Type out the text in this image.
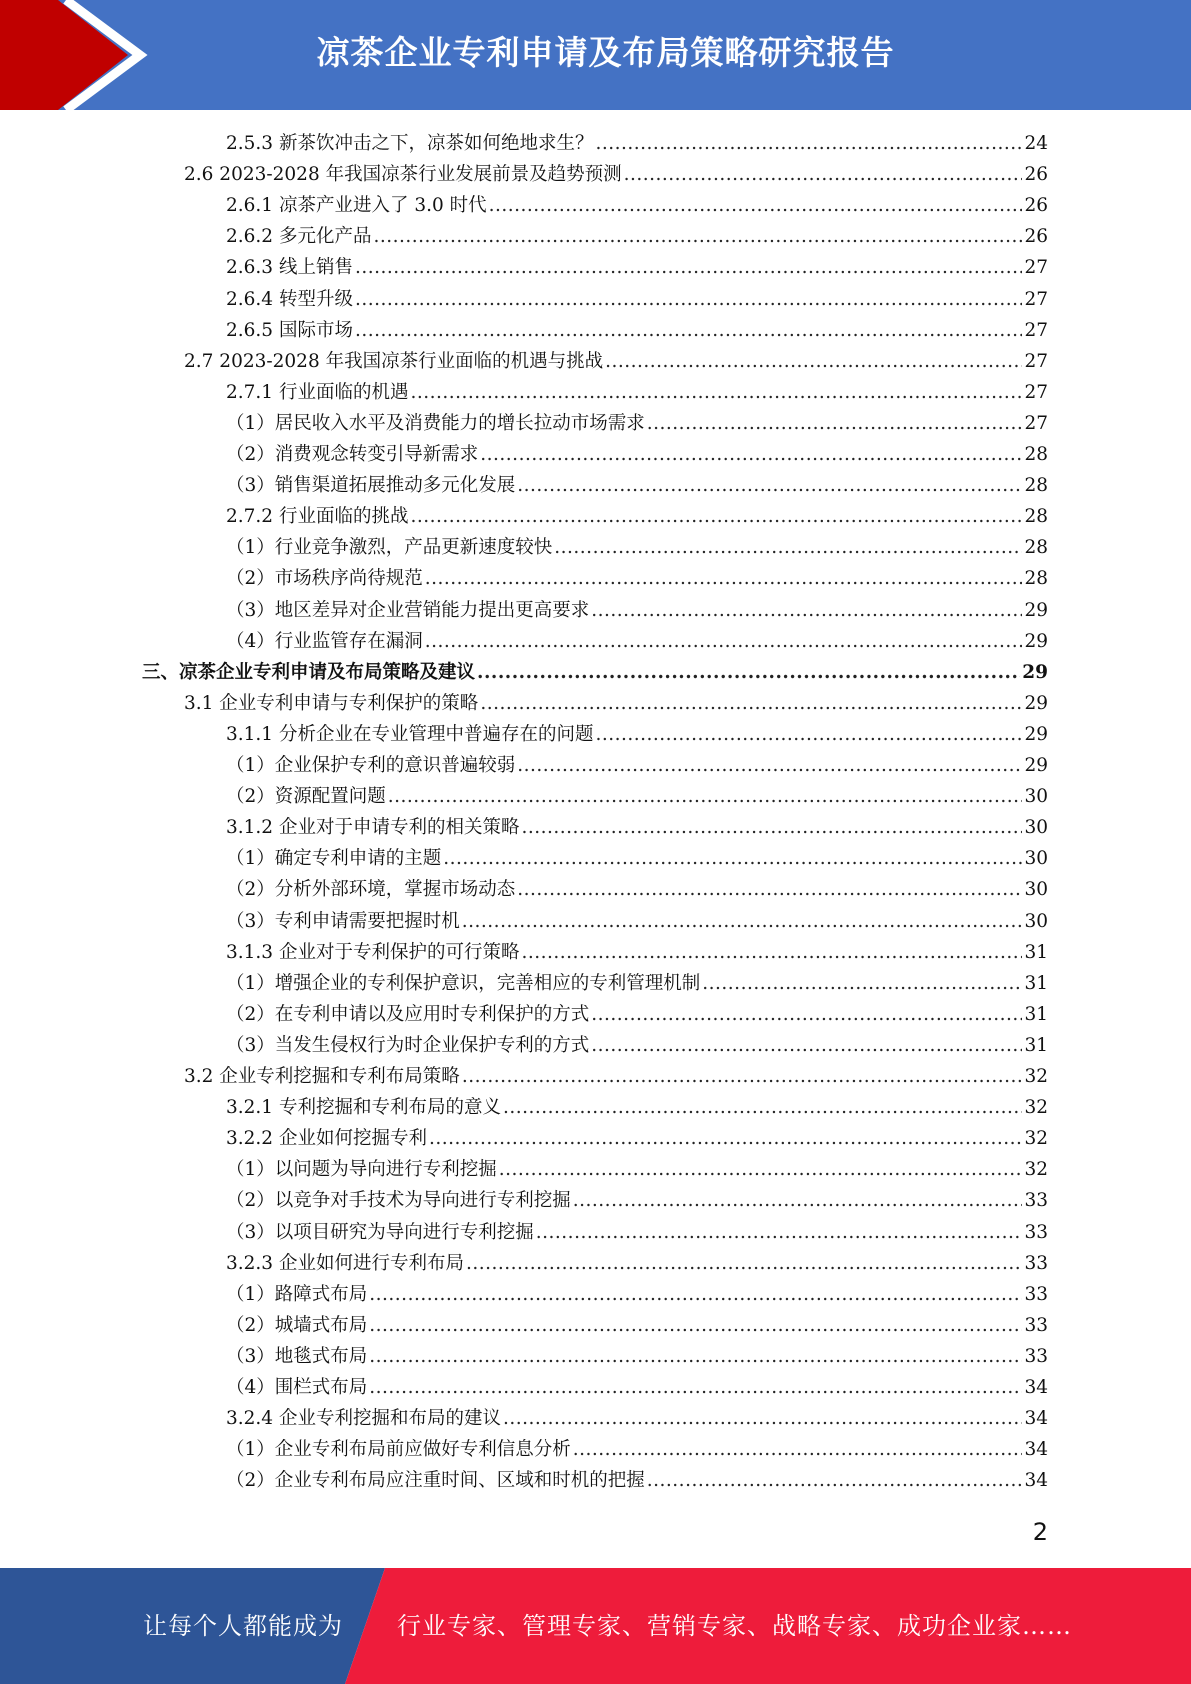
凉茶企业专利申请及布局策略研究报告
2.5.3 新茶饮冲击之下，凉茶如何绝地求生？ .....	24
2.6 2023-2028 年我国凉茶行业发展前景及趋势预测 .....	26
2.6.1 凉茶产业进入了 3.0 时代 .....	26
2.6.2 多元化产品 .....	26
2.6.3 线上销售 .....	27
2.6.4 转型升级 .....	27
2.6.5 国际市场 .....	27
2.7 2023-2028 年我国凉茶行业面临的机遇与挑战 .....	27
2.7.1 行业面临的机遇 .....	27
（1）居民收入水平及消费能力的增长拉动市场需求 .....	27
（2）消费观念转变引导新需求 .....	28
（3）销售渠道拓展推动多元化发展 .....	28
2.7.2 行业面临的挑战 .....	28
（1）行业竞争激烈，产品更新速度较快 .....	28
（2）市场秩序尚待规范 .....	28
（3）地区差异对企业营销能力提出更高要求 .....	29
（4）行业监管存在漏洞 .....	29
三、凉茶企业专利申请及布局策略及建议 .....	29
3.1 企业专利申请与专利保护的策略 .....	29
3.1.1 分析企业在专业管理中普遍存在的问题 .....	29
（1）企业保护专利的意识普遍较弱 .....	29
（2）资源配置问题 .....	30
3.1.2 企业对于申请专利的相关策略 .....	30
（1）确定专利申请的主题 .....	30
（2）分析外部环境，掌握市场动态 .....	30
（3）专利申请需要把握时机 .....	30
3.1.3 企业对于专利保护的可行策略 .....	31
（1）增强企业的专利保护意识，完善相应的专利管理机制 .....	31
（2）在专利申请以及应用时专利保护的方式 .....	31
（3）当发生侵权行为时企业保护专利的方式 .....	31
3.2 企业专利挖掘和专利布局策略 .....	32
3.2.1 专利挖掘和专利布局的意义 .....	32
3.2.2 企业如何挖掘专利 .....	32
（1）以问题为导向进行专利挖掘 .....	32
（2）以竞争对手技术为导向进行专利挖掘 .....	33
（3）以项目研究为导向进行专利挖掘 .....	33
3.2.3 企业如何进行专利布局 .....	33
（1）路障式布局 .....	33
（2）城墙式布局 .....	33
（3）地毯式布局 .....	33
（4）围栏式布局 .....	34
3.2.4 企业专利挖掘和布局的建议 .....	34
（1）企业专利布局前应做好专利信息分析 .....	34
（2）企业专利布局应注重时间、区域和时机的把握 .....	34
2
让每个人都能成为 行业专家、管理专家、营销专家、战略专家、成功企业家……
